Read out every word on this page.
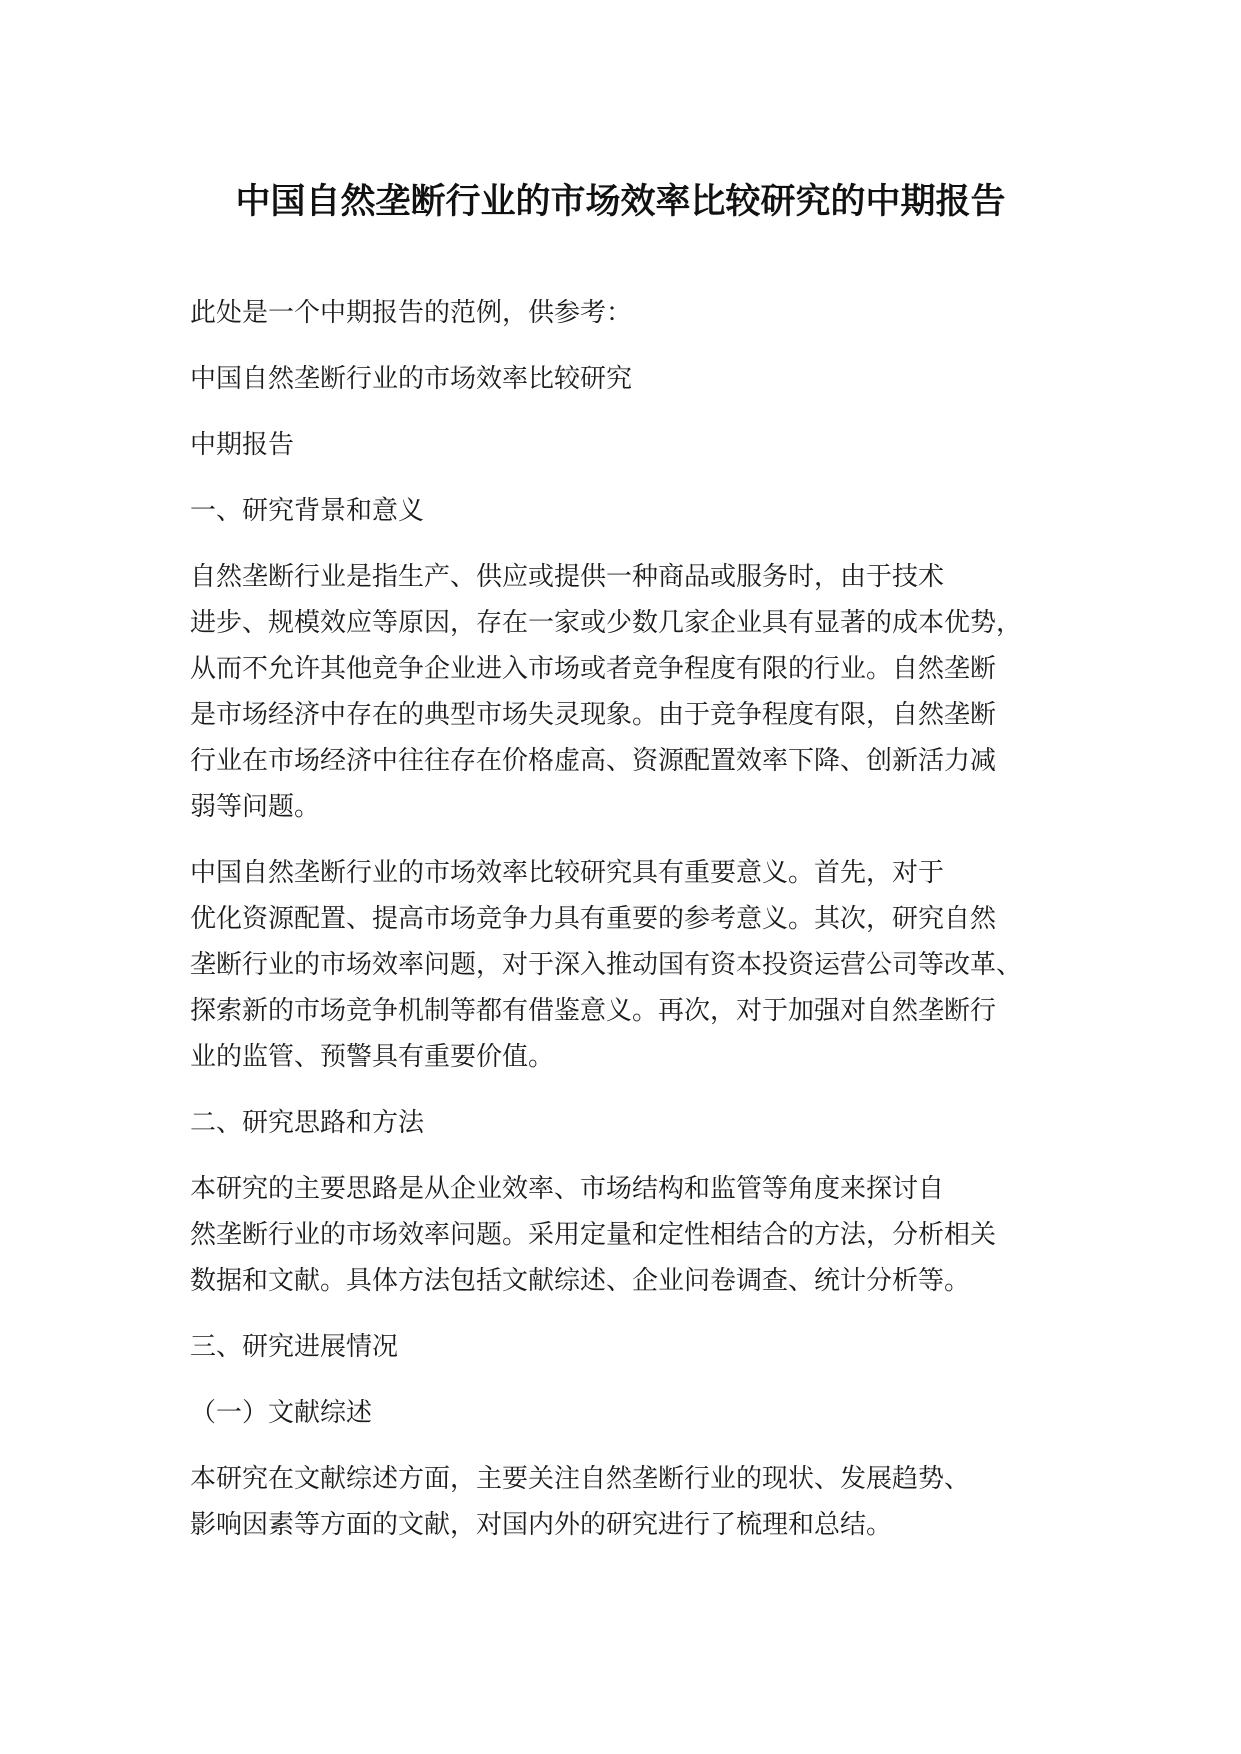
中国自然垄断行业的市场效率比较研究的中期报告

此处是一个中期报告的范例，供参考：

中国自然垄断行业的市场效率比较研究

中期报告

一、研究背景和意义

自然垄断行业是指生产、供应或提供一种商品或服务时，由于技术
进步、规模效应等原因，存在一家或少数几家企业具有显著的成本优势，
从而不允许其他竞争企业进入市场或者竞争程度有限的行业。自然垄断
是市场经济中存在的典型市场失灵现象。由于竞争程度有限，自然垄断
行业在市场经济中往往存在价格虚高、资源配置效率下降、创新活力减
弱等问题。

中国自然垄断行业的市场效率比较研究具有重要意义。首先，对于
优化资源配置、提高市场竞争力具有重要的参考意义。其次，研究自然
垄断行业的市场效率问题，对于深入推动国有资本投资运营公司等改革、
探索新的市场竞争机制等都有借鉴意义。再次，对于加强对自然垄断行
业的监管、预警具有重要价值。

二、研究思路和方法

本研究的主要思路是从企业效率、市场结构和监管等角度来探讨自
然垄断行业的市场效率问题。采用定量和定性相结合的方法，分析相关
数据和文献。具体方法包括文献综述、企业问卷调查、统计分析等。

三、研究进展情况

（一）文献综述

本研究在文献综述方面，主要关注自然垄断行业的现状、发展趋势、
影响因素等方面的文献，对国内外的研究进行了梳理和总结。
